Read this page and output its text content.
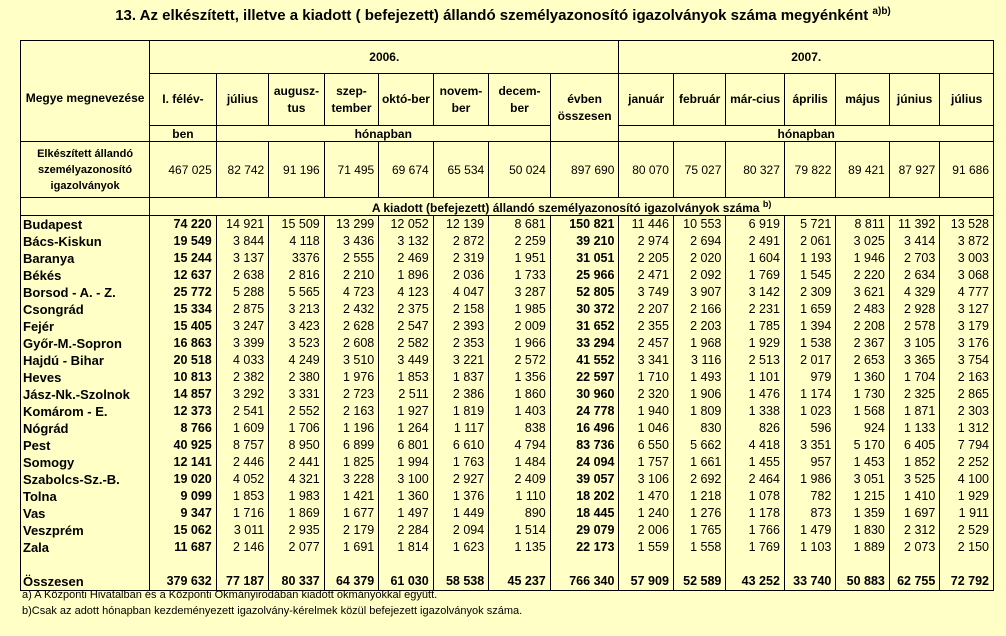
13. Az elkészített, illetve a kiadott ( befejezett) állandó személyazonosító igazolványok száma megyénként $^{a)b)}$
Megye megnevezése	2006.								2007.						
	I. félév-	július	augusz-tus	szep-tember	októ-ber	novem-ber	decem-ber	évben összesen	január	február	már-cius	április	május	június	július
	ben	hónapban							hónapban						
Elkészített állandó személyazonosító igazolványok	467 025	82 742	91 196	71 495	69 674	65 534	50 024	897 690	80 070	75 027	80 327	79 822	89 421	87 927	91 686
	A kiadott (befejezett) állandó személyazonosító igazolványok száma $^{b)}$
Budapest	74 220	14 921	15 509	13 299	12 052	12 139	8 681	150 821	11 446	10 553	6 919	5 721	8 811	11 392	13 528
Bács-Kiskun	19 549	3 844	4 118	3 436	3 132	2 872	2 259	39 210	2 974	2 694	2 491	2 061	3 025	3 414	3 872
Baranya	15 244	3 137	3376	2 555	2 469	2 319	1 951	31 051	2 205	2 020	1 604	1 193	1 946	2 703	3 003
Békés	12 637	2 638	2 816	2 210	1 896	2 036	1 733	25 966	2 471	2 092	1 769	1 545	2 220	2 634	3 068
Borsod - A. - Z.	25 772	5 288	5 565	4 723	4 123	4 047	3 287	52 805	3 749	3 907	3 142	2 309	3 621	4 329	4 777
Csongrád	15 334	2 875	3 213	2 432	2 375	2 158	1 985	30 372	2 207	2 166	2 231	1 659	2 483	2 928	3 127
Fejér	15 405	3 247	3 423	2 628	2 547	2 393	2 009	31 652	2 355	2 203	1 785	1 394	2 208	2 578	3 179
Győr-M.-Sopron	16 863	3 399	3 523	2 608	2 582	2 353	1 966	33 294	2 457	1 968	1 929	1 538	2 367	3 105	3 176
Hajdú - Bihar	20 518	4 033	4 249	3 510	3 449	3 221	2 572	41 552	3 341	3 116	2 513	2 017	2 653	3 365	3 754
Heves	10 813	2 382	2 380	1 976	1 853	1 837	1 356	22 597	1 710	1 493	1 101	979	1 360	1 704	2 163
Jász-Nk.-Szolnok	14 857	3 292	3 331	2 723	2 511	2 386	1 860	30 960	2 320	1 906	1 476	1 174	1 730	2 325	2 865
Komárom - E.	12 373	2 541	2 552	2 163	1 927	1 819	1 403	24 778	1 940	1 809	1 338	1 023	1 568	1 871	2 303
Nógrád	8 766	1 609	1 706	1 196	1 264	1 117	838	16 496	1 046	830	826	596	924	1 133	1 312
Pest	40 925	8 757	8 950	6 899	6 801	6 610	4 794	83 736	6 550	5 662	4 418	3 351	5 170	6 405	7 794
Somogy	12 141	2 446	2 441	1 825	1 994	1 763	1 484	24 094	1 757	1 661	1 455	957	1 453	1 852	2 252
Szabolcs-Sz.-B.	19 020	4 052	4 321	3 228	3 100	2 927	2 409	39 057	3 106	2 692	2 464	1 986	3 051	3 525	4 100
Tolna	9 099	1 853	1 983	1 421	1 360	1 376	1 110	18 202	1 470	1 218	1 078	782	1 215	1 410	1 929
Vas	9 347	1 716	1 869	1 677	1 497	1 449	890	18 445	1 240	1 276	1 178	873	1 359	1 697	1 911
Veszprém	15 062	3 011	2 935	2 179	2 284	2 094	1 514	29 079	2 006	1 765	1 766	1 479	1 830	2 312	2 529
Zala	11 687	2 146	2 077	1 691	1 814	1 623	1 135	22 173	1 559	1 558	1 769	1 103	1 889	2 073	2 150

Összesen	379 632	77 187	80 337	64 379	61 030	58 538	45 237	766 340	57 909	52 589	43 252	33 740	50 883	62 755	72 792
a) A Központi Hivatalban és a Központi Okmányirodában kiadott okmányokkal együtt.
b)Csak az adott hónapban kezdeményezett igazolvány-kérelmek közül befejezett igazolványok száma.
